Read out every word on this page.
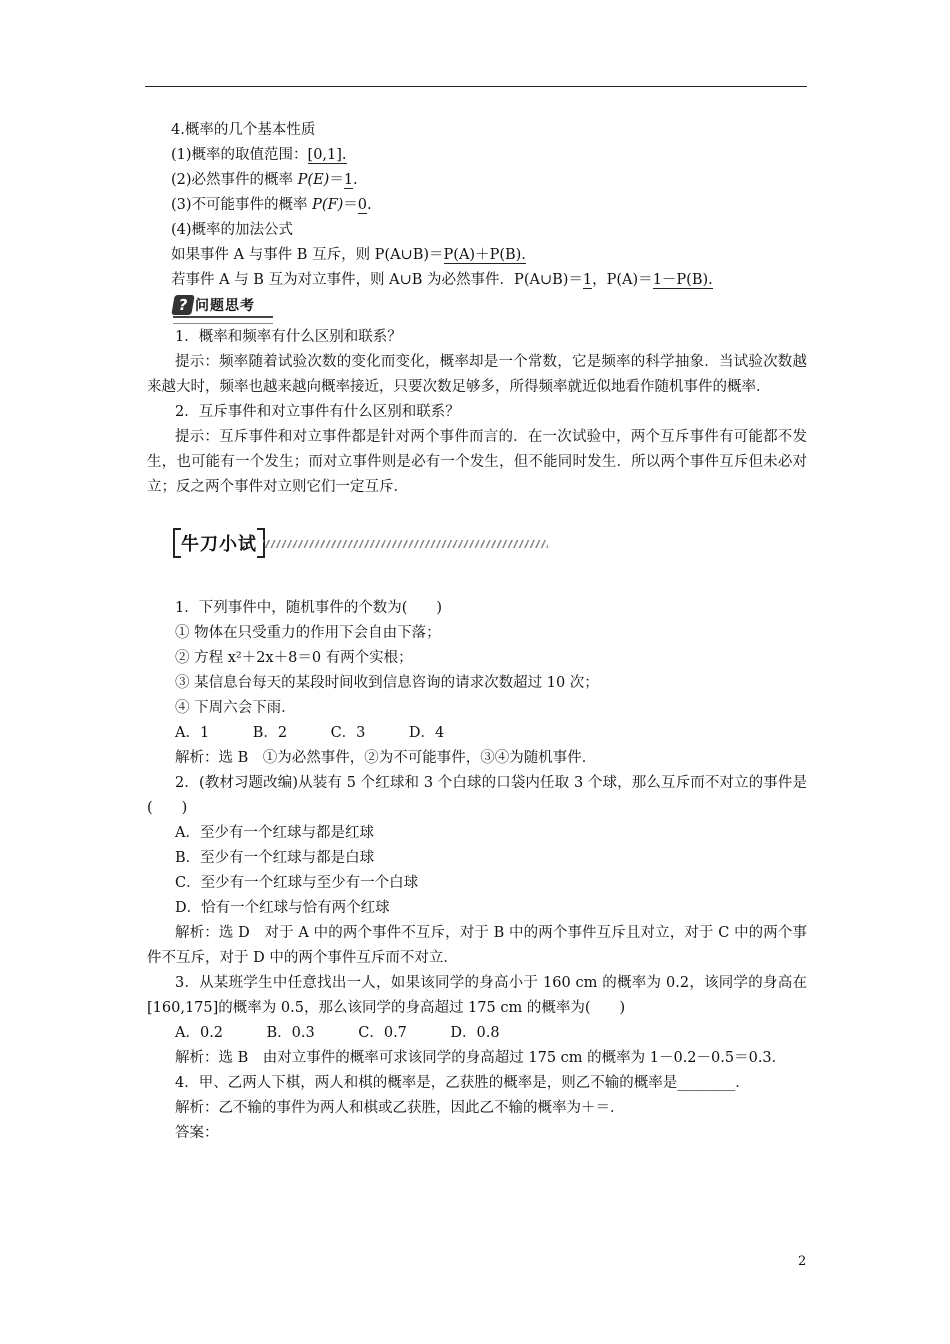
4.概率的几个基本性质
(1)概率的取值范围：[0,1].
(2)必然事件的概率 P(E)＝1.
(3)不可能事件的概率 P(F)＝0.
(4)概率的加法公式
如果事件 A 与事件 B 互斥，则 P(A∪B)＝P(A)＋P(B).
若事件 A 与 B 互为对立事件，则 A∪B 为必然事件．P(A∪B)＝1，P(A)＝1－P(B).
? 问题思考
1．概率和频率有什么区别和联系？
提示：频率随着试验次数的变化而变化，概率却是一个常数，它是频率的科学抽象．当试验次数越来越大时，频率也越来越向概率接近，只要次数足够多，所得频率就近似地看作随机事件的概率．
2．互斥事件和对立事件有什么区别和联系？
提示：互斥事件和对立事件都是针对两个事件而言的．在一次试验中，两个互斥事件有可能都不发生，也可能有一个发生；而对立事件则是必有一个发生，但不能同时发生．所以两个事件互斥但未必对立；反之两个事件对立则它们一定互斥．
牛刀小试
1．下列事件中，随机事件的个数为(　　)
① 物体在只受重力的作用下会自由下落；
② 方程 x²＋2x＋8＝0 有两个实根；
③ 某信息台每天的某段时间收到信息咨询的请求次数超过 10 次；
④ 下周六会下雨．
A．1　　　B．2　　　C．3　　　D．4
解析：选 B　①为必然事件，②为不可能事件，③④为随机事件．
2．(教材习题改编)从装有 5 个红球和 3 个白球的口袋内任取 3 个球，那么互斥而不对立的事件是(　　)
A．至少有一个红球与都是红球
B．至少有一个红球与都是白球
C．至少有一个红球与至少有一个白球
D．恰有一个红球与恰有两个红球
解析：选 D　对于 A 中的两个事件不互斥，对于 B 中的两个事件互斥且对立，对于 C 中的两个事件不互斥，对于 D 中的两个事件互斥而不对立．
3．从某班学生中任意找出一人，如果该同学的身高小于 160 cm 的概率为 0.2，该同学的身高在[160,175]的概率为 0.5，那么该同学的身高超过 175 cm 的概率为(　　)
A．0.2　　　B．0.3　　　C．0.7　　　D．0.8
解析：选 B　由对立事件的概率可求该同学的身高超过 175 cm 的概率为 1－0.2－0.5＝0.3．
4．甲、乙两人下棋，两人和棋的概率是，乙获胜的概率是，则乙不输的概率是________．
解析：乙不输的事件为两人和棋或乙获胜，因此乙不输的概率为＋＝．
答案：
2
